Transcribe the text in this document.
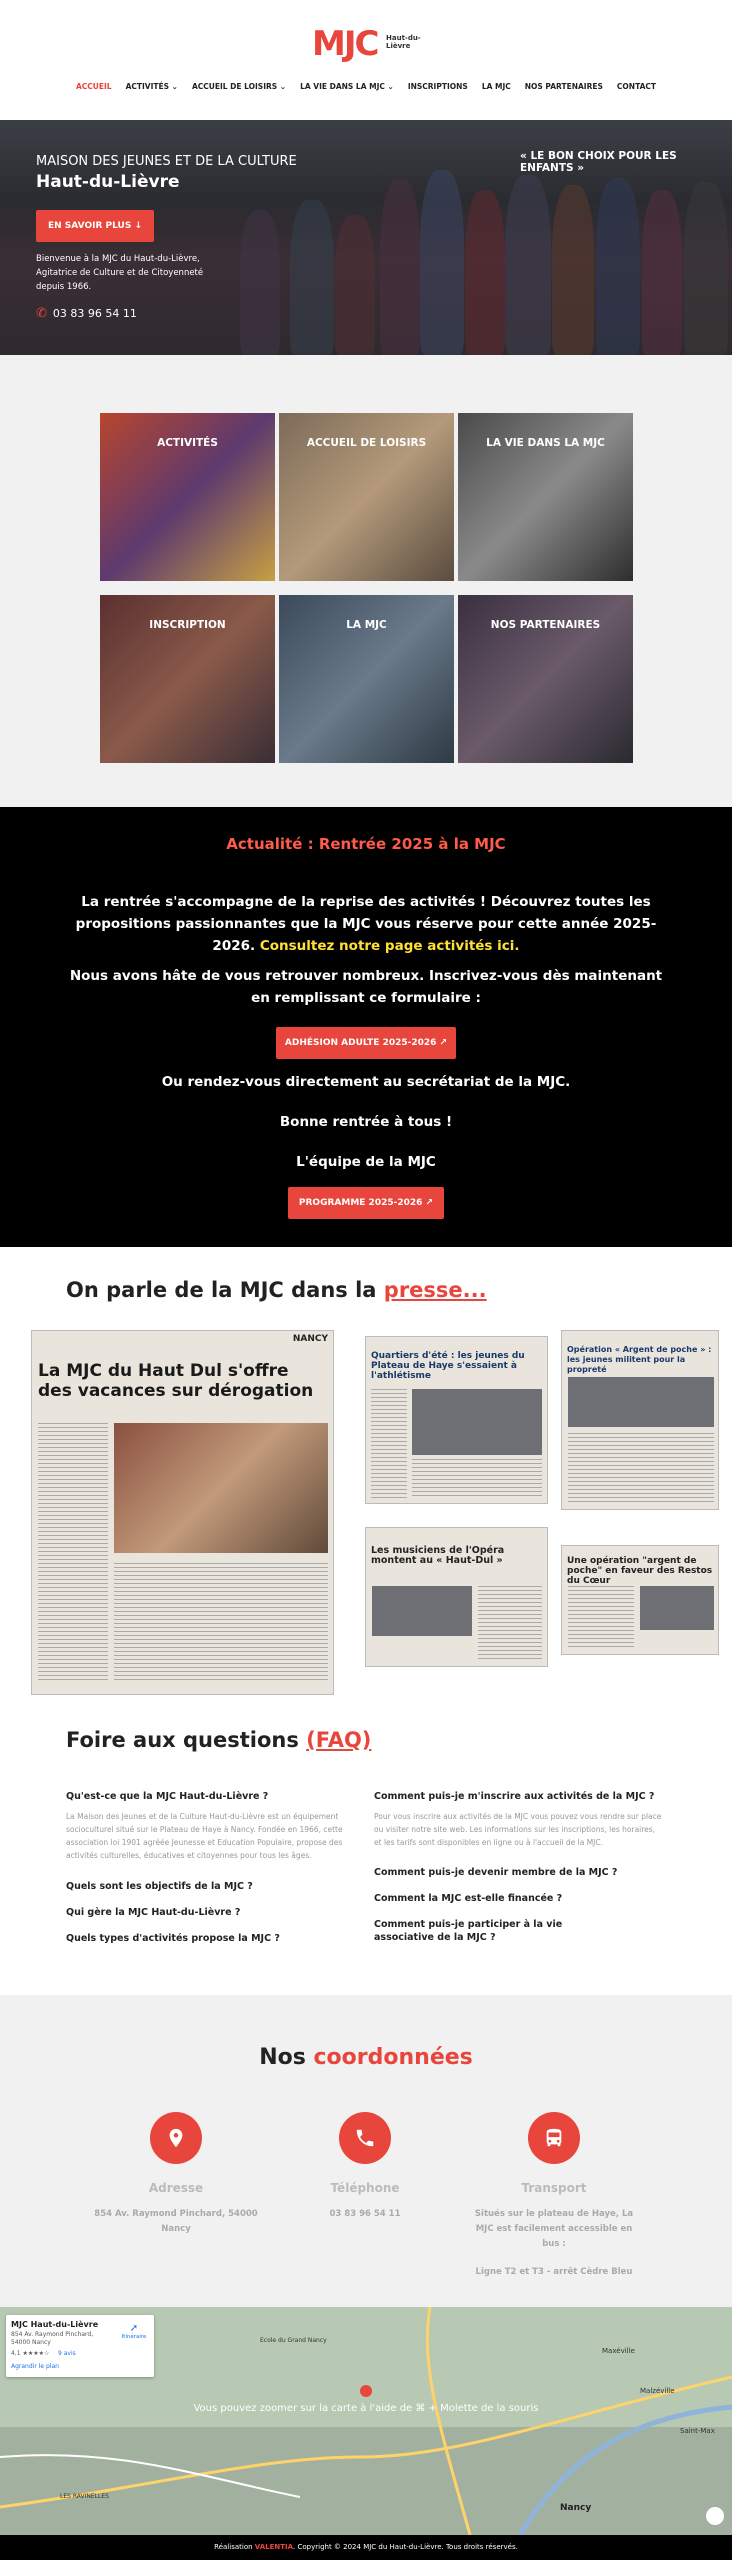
MJC Haut-du-Lièvre
ACCUEIL ACTIVITÉS ⌄ ACCUEIL DE LOISIRS ⌄ LA VIE DANS LA MJC ⌄ INSCRIPTIONS LA MJC NOS PARTENAIRES CONTACT
MAISON DES JEUNES ET DE LA CULTURE
Haut-du-Lièvre
EN SAVOIR PLUS
↓
Bienvenue à la MJC du Haut-du-Lièvre, Agitatrice de Culture et de Citoyenneté depuis 1966.
✆ 03 83 96 54 11
« LE BON CHOIX POUR LES ENFANTS »
ACTIVITÉS	ACCUEIL DE LOISIRS	LA VIE DANS LA MJC
INSCRIPTION	LA MJC	NOS PARTENAIRES
Actualité : Rentrée 2025 à la MJC
La rentrée s'accompagne de la reprise des activités ! Découvrez toutes les propositions passionnantes que la MJC vous réserve pour cette année 2025-2026. Consultez notre page activités ici.
Nous avons hâte de vous retrouver nombreux. Inscrivez-vous dès maintenant en remplissant ce formulaire :
ADHÉSION ADULTE 2025-2026 ↗
Ou rendez-vous directement au secrétariat de la MJC.
Bonne rentrée à tous !
L'équipe de la MJC
PROGRAMME 2025-2026 ↗
On parle de la MJC dans la presse...
NANCY
La MJC du Haut Dul s'offre des vacances sur dérogation
Quartiers d'été : les jeunes du Plateau de Haye s'essaient à l'athlétisme
Opération « Argent de poche » : les jeunes militent pour la propreté
Les musiciens de l'Opéra montent au « Haut-Dul »	Une opération "argent de poche" en faveur des Restos du Cœur
Foire aux questions (FAQ)
Qu'est-ce que la MJC Haut-du-Lièvre ?
La Maison des Jeunes et de la Culture Haut-du-Lièvre est un équipement socioculturel situé sur le Plateau de Haye à Nancy. Fondée en 1966, cette association loi 1901 agréée Jeunesse et Education Populaire, propose des activités culturelles, éducatives et citoyennes pour tous les âges.
Quels sont les objectifs de la MJC ?
Qui gère la MJC Haut-du-Lièvre ?
Quels types d'activités propose la MJC ?
Comment puis-je m'inscrire aux activités de la MJC ?
Pour vous inscrire aux activités de la MJC vous pouvez vous rendre sur place ou visiter notre site web. Les informations sur les inscriptions, les horaires, et les tarifs sont disponibles en ligne ou à l'accueil de la MJC.
Comment puis-je devenir membre de la MJC ?
Comment la MJC est-elle financée ?
Comment puis-je participer à la vie associative de la MJC ?
Nos coordonnées
Adresse
854 Av. Raymond Pinchard, 54000 Nancy
Téléphone
03 83 96 54 11
Transport
Situés sur le plateau de Haye, La MJC est facilement accessible en bus :
Ligne T2 et T3 - arrêt Cèdre Bleu
Maxéville
Malzéville
Saint-Max
Nancy
LES RAVINELLES
Ecole du Grand Nancy
MJC Haut-du-Lièvre
854 Av. Raymond Pinchard, 54000 Nancy
4,1 ★★★★☆ 9 avis
Agrandir le plan
➚
Itinéraire
Vous pouvez zoomer sur la carte à l'aide de ⌘ + Molette de la souris
Réalisation VALENTIA. Copyright © 2024 MJC du Haut-du-Lièvre. Tous droits réservés.
